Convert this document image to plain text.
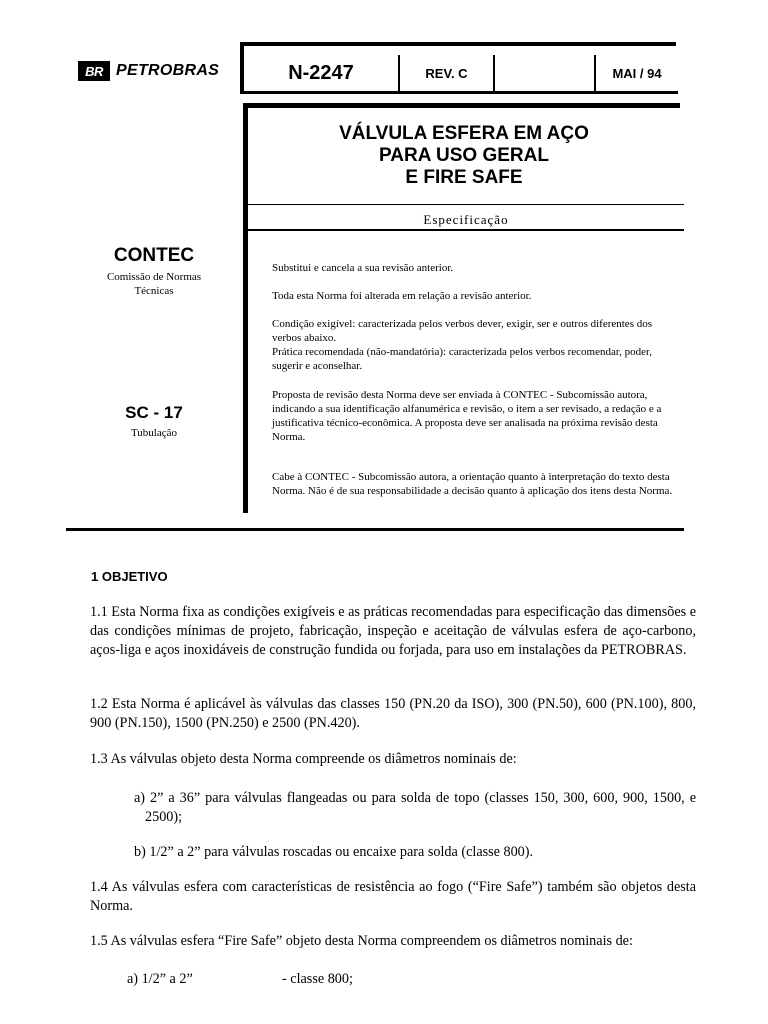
BR PETROBRAS	N-2247	REV. C	MAI / 94
VÁLVULA ESFERA EM AÇO
PARA USO GERAL
E FIRE SAFE
Especificação
CONTEC
Comissão de Normas
Técnicas
SC - 17
Tubulação
Substitui e cancela a sua revisão anterior.
Toda esta Norma foi alterada em relação a revisão anterior.
Condição exigível: caracterizada pelos verbos dever, exigir, ser e outros diferentes dos verbos abaixo.
Prática recomendada (não-mandatória): caracterizada pelos verbos recomendar, poder, sugerir e aconselhar.
Proposta de revisão desta Norma deve ser enviada à CONTEC - Subcomissão autora, indicando a sua identificação alfanumérica e revisão, o item a ser revisado, a redação e a justificativa técnico-econômica. A proposta deve ser analisada na próxima revisão desta Norma.
Cabe à CONTEC - Subcomissão autora, a orientação quanto à interpretação do texto desta Norma. Não é de sua responsabilidade a decisão quanto à aplicação dos itens desta Norma.
1 OBJETIVO
1.1 Esta Norma fixa as condições exigíveis e as práticas recomendadas para especificação das dimensões e das condições mínimas de projeto, fabricação, inspeção e aceitação de válvulas esfera de aço-carbono, aços-liga e aços inoxidáveis de construção fundida ou forjada, para uso em instalações da PETROBRAS.
1.2 Esta Norma é aplicável às válvulas das classes 150 (PN.20 da ISO), 300 (PN.50), 600 (PN.100), 800, 900 (PN.150), 1500 (PN.250) e 2500 (PN.420).
1.3 As válvulas objeto desta Norma compreende os diâmetros nominais de:
a) 2” a 36” para válvulas flangeadas ou para solda de topo (classes 150, 300, 600, 900, 1500, e 2500);
b) 1/2” a 2” para válvulas roscadas ou encaixe para solda (classe 800).
1.4 As válvulas esfera com características de resistência ao fogo (“Fire Safe”) também são objetos desta Norma.
1.5 As válvulas esfera “Fire Safe” objeto desta Norma compreendem os diâmetros nominais de:
a) 1/2” a 2”	- classe 800;
